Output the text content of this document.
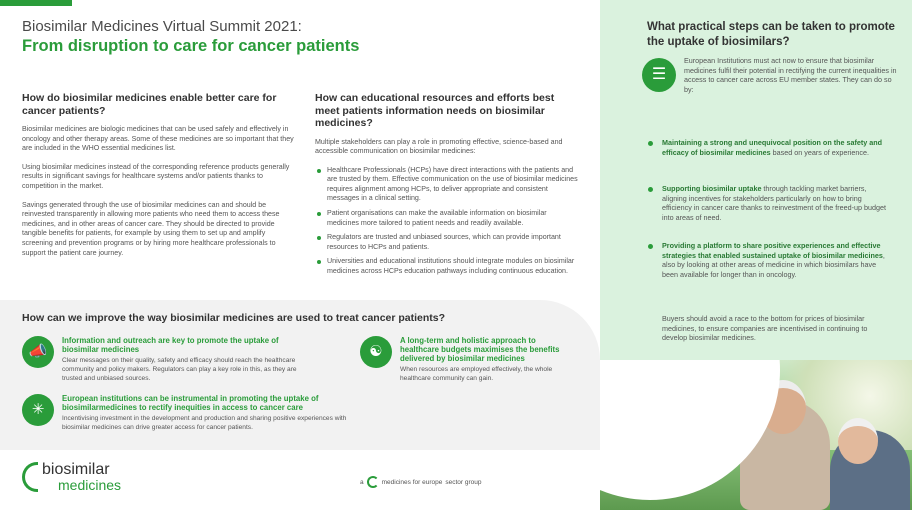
Biosimilar Medicines Virtual Summit 2021:
From disruption to care for cancer patients
How do biosimilar medicines enable better care for cancer patients?

Biosimilar medicines are biologic medicines that can be used safely and effectively in oncology and other therapy areas. Some of these medicines are so important that they are included in the WHO essential medicines list.

Using biosimilar medicines instead of the corresponding reference products generally results in significant savings for healthcare systems and/or patients thanks to competition in the market.

Savings generated through the use of biosimilar medicines can and should be reinvested transparently in allowing more patients who need them to access these medicines, and in other areas of cancer care. They should be directed to provide tangible benefits for patients, for example by using them to set up and amplify screening and prevention programs or by hiring more healthcare professionals to support the patient care journey.

How can educational resources and efforts best meet patients information needs on biosimilar medicines?

Multiple stakeholders can play a role in promoting effective, science-based and accessible communication on biosimilar medicines:

Healthcare Professionals (HCPs) have direct interactions with the patients and are trusted by them. Effective communication on the use of biosimilar medicines requires alignment among HCPs, to deliver appropriate and consistent messages in a clinical setting.
Patient organisations can make the available information on biosimilar medicines more tailored to patient needs and readily available.
Regulators are trusted and unbiased sources, which can provide important resources to HCPs and patients.
Universities and educational institutions should integrate modules on biosimilar medicines across HCPs education pathways including continuous education.
How can we improve the way biosimilar medicines are used to treat cancer patients?
📣
Information and outreach are key to promote the uptake of biosimilar medicines
Clear messages on their quality, safety and efficacy should reach the healthcare community and policy makers. Regulators can play a key role in this, as they are trusted and unbiased sources.
☯
A long-term and holistic approach to healthcare budgets maximises the benefits delivered by biosimilar medicines
When resources are employed effectively, the whole healthcare community can gain.
✳
European institutions can be instrumental in promoting the uptake of biosimilarmedicines to rectify inequities in access to cancer care
Incentivising investment in the development and production and sharing positive experiences with biosimilar medicines can drive greater access for cancer patients.
biosimilar
medicines	a	medicines for europe sector group
What practical steps can be taken to promote the uptake of biosimilars?
☰
European Institutions must act now to ensure that biosimilar medicines fulfil their potential in rectifying the current inequalities in access to cancer care across EU member states. They can do so by:
Maintaining a strong and unequivocal position on the safety and efficacy of biosimilar medicines based on years of experience.
Supporting biosimilar uptake through tackling market barriers, aligning incentives for stakeholders particularly on how to bring efficiency in cancer care thanks to reinvestment of the freed-up budget into areas of need.
Providing a platform to share positive experiences and effective strategies that enabled sustained uptake of biosimilar medicines, also by looking at other areas of medicine in which biosimilars have been available for longer than in oncology.
Buyers should avoid a race to the bottom for prices of biosimilar medicines, to ensure companies are incentivised in continuing to develop biosimilar medicines.
